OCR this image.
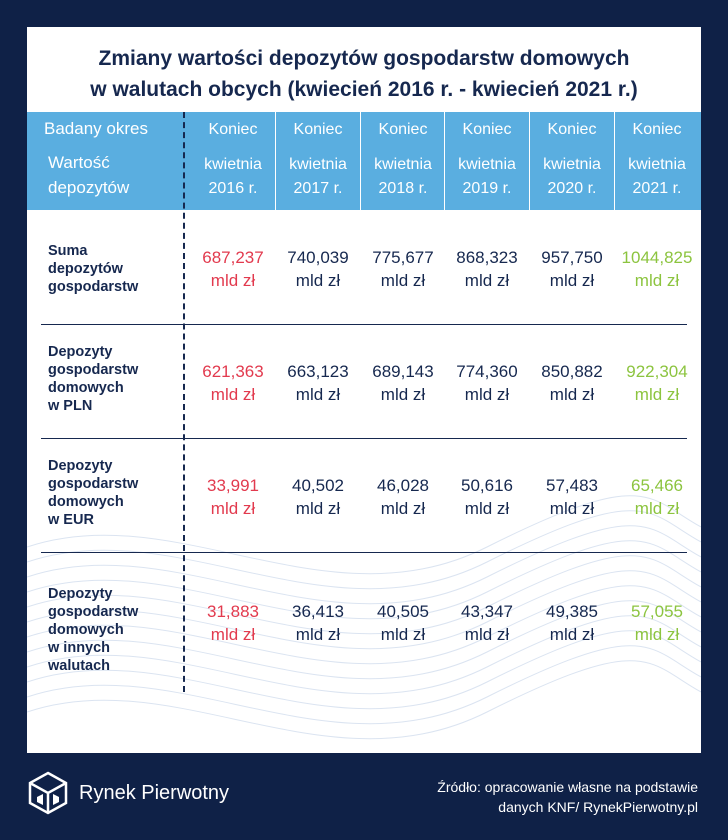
Zmiany wartości depozytów gospodarstw domowych
w walutach obcych (kwiecień 2016 r. - kwiecień 2021 r.)
Badany okres
Wartość
depozytów
Koniec
kwietnia
2016 r.
Koniec
kwietnia
2017 r.
Koniec
kwietnia
2018 r.
Koniec
kwietnia
2019 r.
Koniec
kwietnia
2020 r.
Koniec
kwietnia
2021 r.
Suma
depozytów
gospodarstw
687,237
mld zł
740,039
mld zł
775,677
mld zł
868,323
mld zł
957,750
mld zł
1044,825
mld zł
Depozyty
gospodarstw
domowych
w PLN
621,363
mld zł
663,123
mld zł
689,143
mld zł
774,360
mld zł
850,882
mld zł
922,304
mld zł
Depozyty
gospodarstw
domowych
w EUR
33,991
mld zł
40,502
mld zł
46,028
mld zł
50,616
mld zł
57,483
mld zł
65,466
mld zł
Depozyty
gospodarstw
domowych
w innych
walutach
31,883
mld zł
36,413
mld zł
40,505
mld zł
43,347
mld zł
49,385
mld zł
57,055
mld zł
Rynek Pierwotny	Źródło: opracowanie własne na podstawie
danych KNF/ RynekPierwotny.pl
